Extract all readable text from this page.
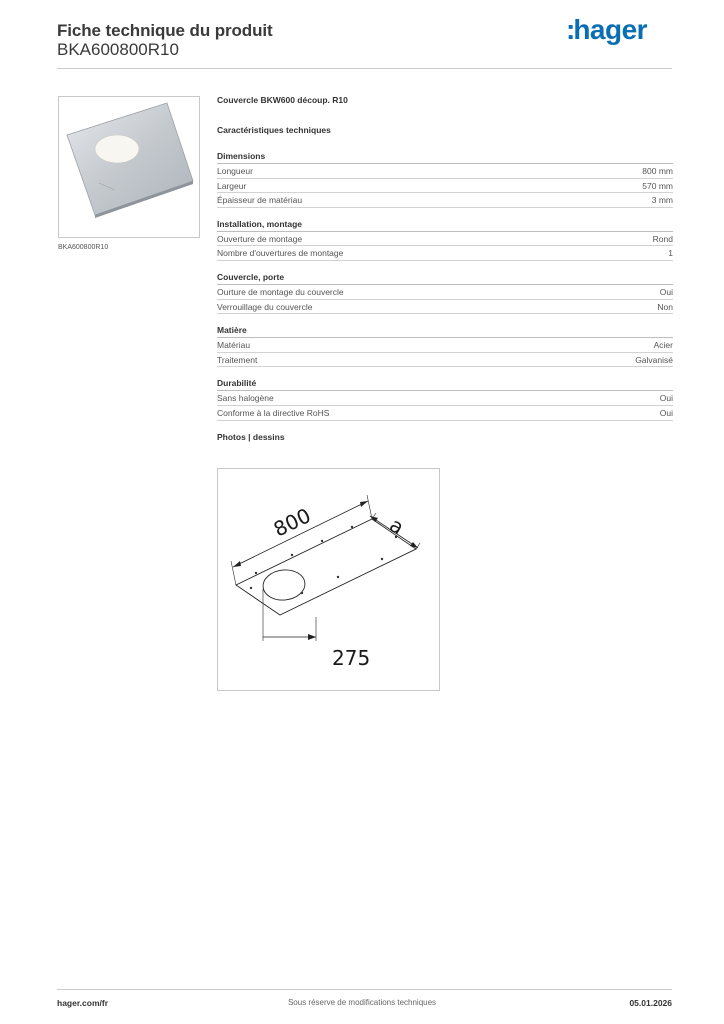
Fiche technique du produit
BKA600800R10
:hager
BKA600800R10
Couvercle BKW600 découp. R10
Caractéristiques techniques
Dimensions
Longueur	800 mm
Largeur	570 mm
Épaisseur de matériau	3 mm
Installation, montage
Ouverture de montage	Rond
Nombre d'ouvertures de montage	1
Couvercle, porte
Ourture de montage du couvercle	Oui
Verrouillage du couvercle	Non
Matière
Matériau	Acier
Traitement	Galvanisé
Durabilité
Sans halogène	Oui
Conforme à la directive RoHS	Oui
Photos | dessins
800	a
275
hager.com/fr	Sous réserve de modifications techniques	05.01.2026
